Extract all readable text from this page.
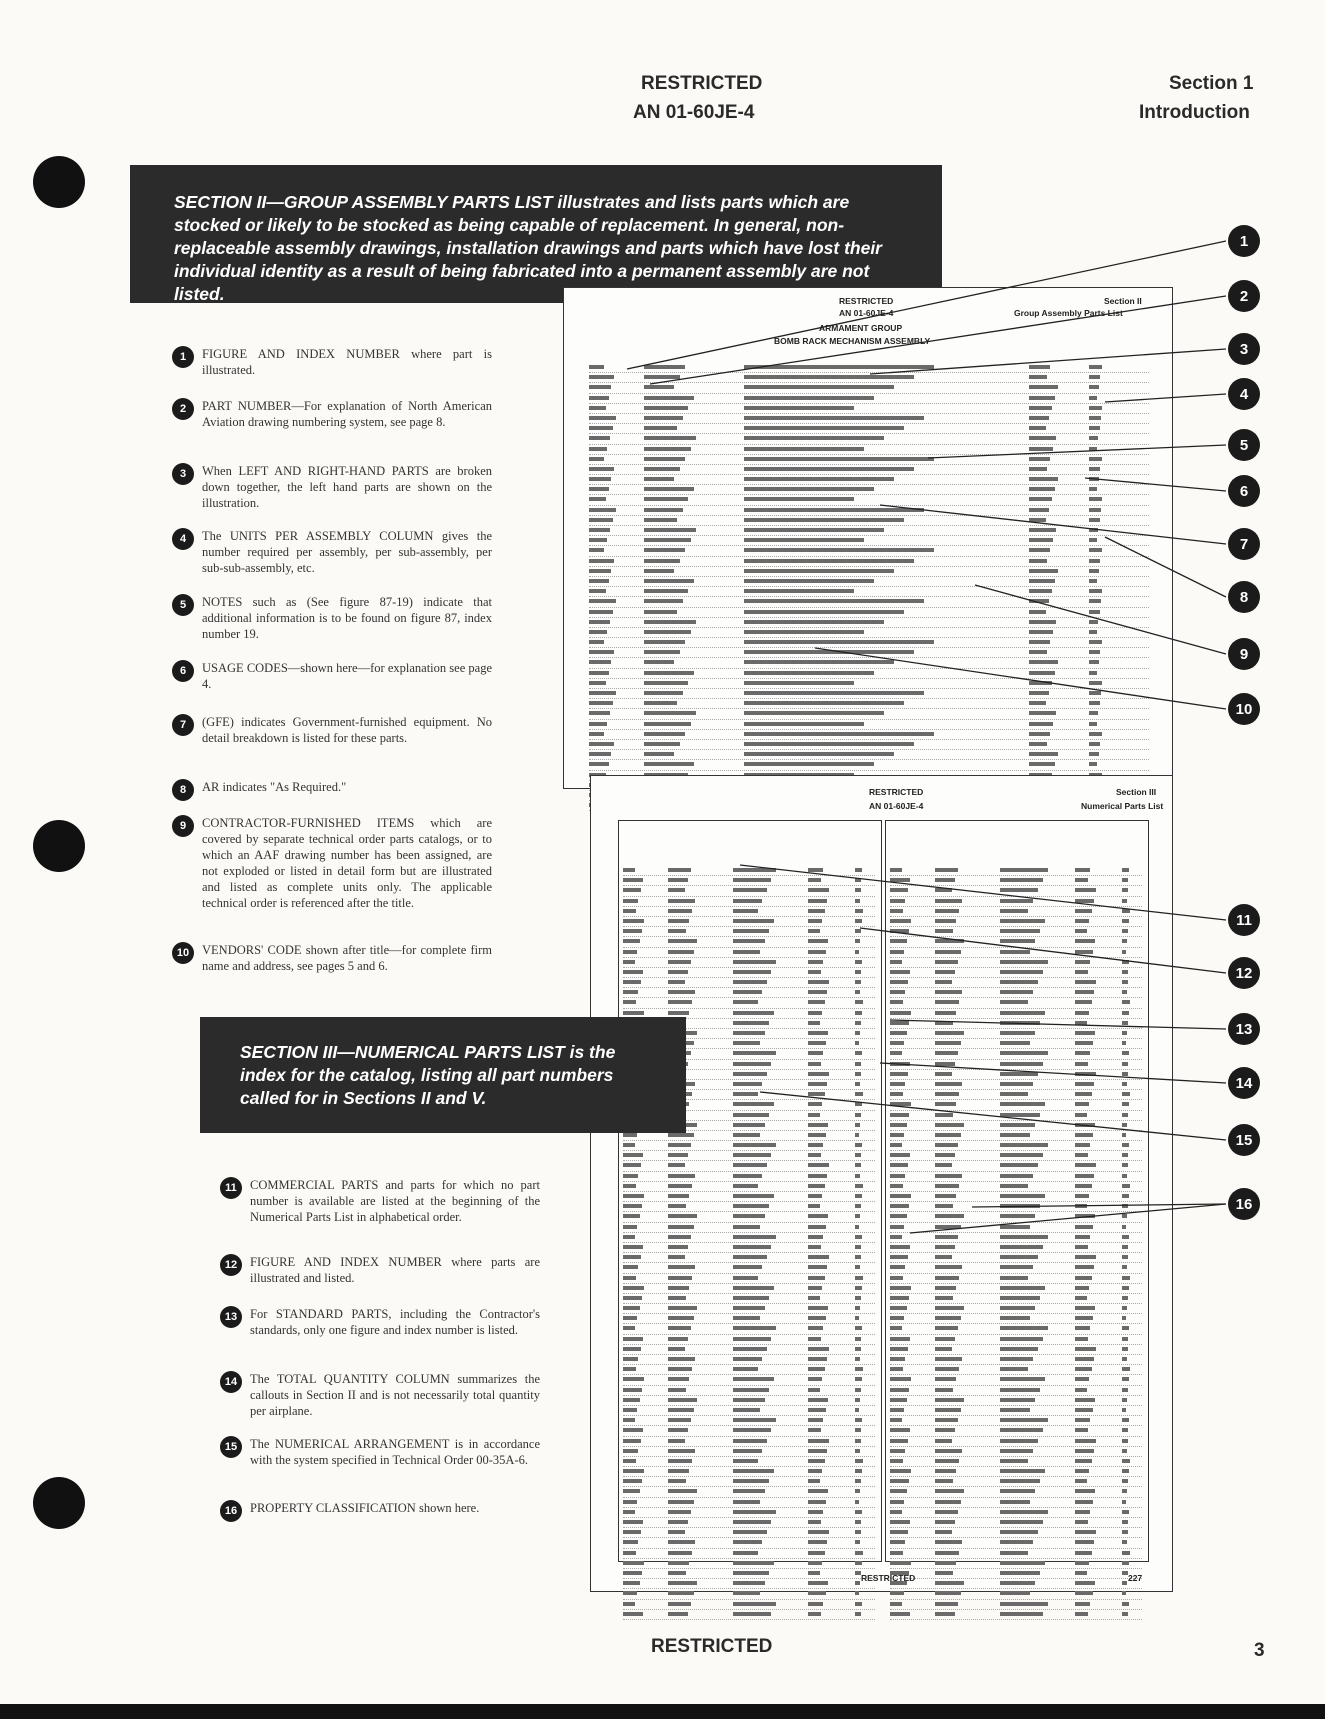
RESTRICTED
AN 01-60JE-4
Section 1
Introduction
SECTION II—GROUP ASSEMBLY PARTS LIST illustrates and lists parts which are stocked or likely to be stocked as being capable of replacement. In general, non-replaceable assembly drawings, installation drawings and parts which have lost their individual identity as a result of being fabricated into a permanent assembly are not listed.	RESTRICTED
AN 01-60JE-4
Section II
Group Assembly Parts List
ARMAMENT GROUP
BOMB RACK MECHANISM ASSEMBLY
RESTRICTED
AN 01-60JE-4
Section III
Numerical Parts List
RESTRICTED	227
1	FIGURE AND INDEX NUMBER where part is illustrated.
2	PART NUMBER—For explanation of North American Aviation drawing numbering system, see page 8.
3	When LEFT AND RIGHT-HAND PARTS are broken down together, the left hand parts are shown on the illustration.
4	The UNITS PER ASSEMBLY COLUMN gives the number required per assembly, per sub-assembly, per sub-sub-assembly, etc.
5	NOTES such as (See figure 87-19) indicate that additional information is to be found on figure 87, index number 19.
6	USAGE CODES—shown here—for explanation see page 4.
7	(GFE) indicates Government-furnished equipment. No detail breakdown is listed for these parts.
8	AR indicates "As Required."
9	CONTRACTOR-FURNISHED ITEMS which are covered by separate technical order parts catalogs, or to which an AAF drawing number has been assigned, are not exploded or listed in detail form but are illustrated and listed as complete units only. The applicable technical order is referenced after the title.
10	VENDORS' CODE shown after title—for complete firm name and address, see pages 5 and 6.
SECTION III—NUMERICAL PARTS LIST is the index for the catalog, listing all part numbers called for in Sections II and V.
11	COMMERCIAL PARTS and parts for which no part number is available are listed at the beginning of the Numerical Parts List in alphabetical order.
12	FIGURE AND INDEX NUMBER where parts are illustrated and listed.
13	For STANDARD PARTS, including the Contractor's standards, only one figure and index number is listed.
14	The TOTAL QUANTITY COLUMN summarizes the callouts in Section II and is not necessarily total quantity per airplane.
15	The NUMERICAL ARRANGEMENT is in accordance with the system specified in Technical Order 00-35A-6.
16	PROPERTY CLASSIFICATION shown here.
1
2
3
4
5
6
7
8
9
10
11
12
13
14
15
16
RESTRICTED	3
